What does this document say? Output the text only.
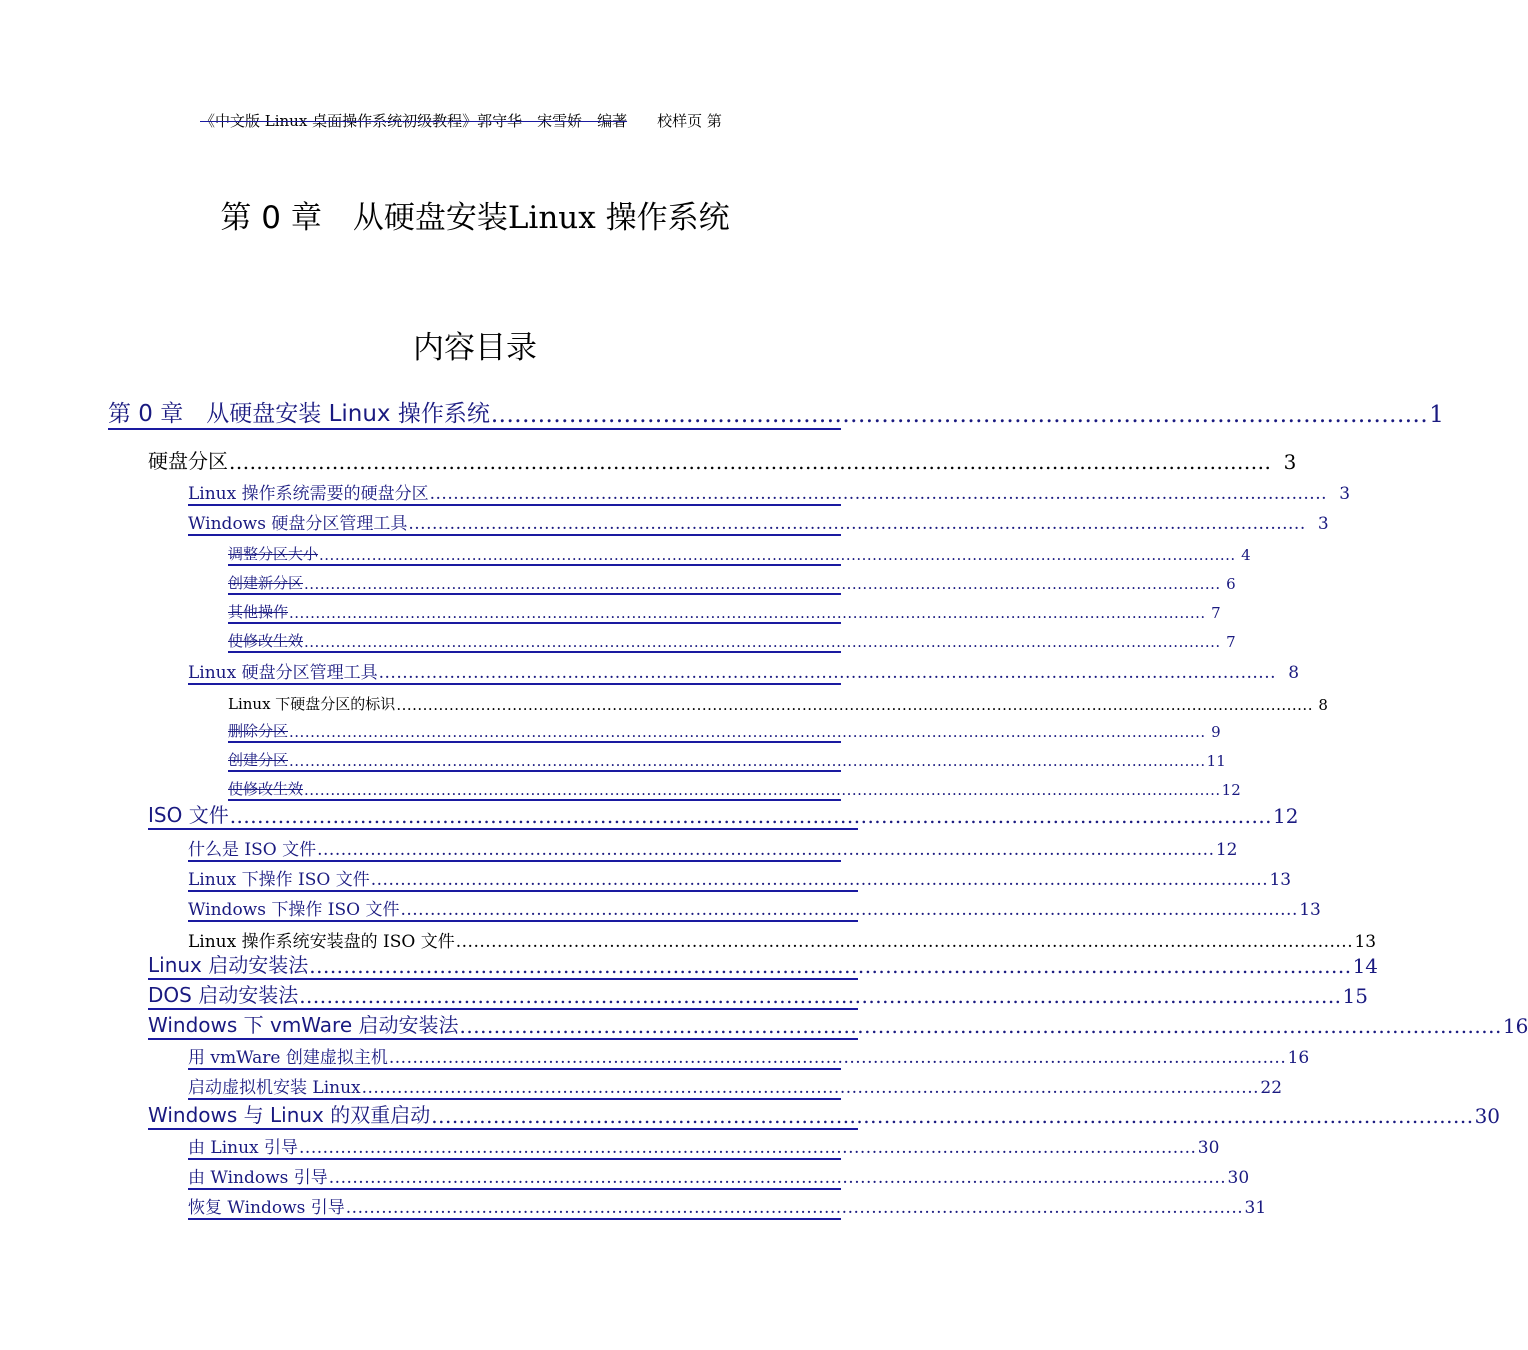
《中文版 Linux 桌面操作系统初级教程》郭守华　宋雪娇　编著 校样页 第
第 0 章　从硬盘安装Linux 操作系统
内容目录
第 0 章　从硬盘安装 Linux 操作系统 ........................................................................................................................ 1
硬盘分区 ........................................................................................................................................................ 3
Linux 操作系统需要的硬盘分区 ........................................................................................................................................................ 3
Windows 硬盘分区管理工具 ........................................................................................................................................................ 3
调整分区大小 .............................................................................................................................................................................. 4
创建新分区 .............................................................................................................................................................................. 6
其他操作 .............................................................................................................................................................................. 7
使修改生效 .............................................................................................................................................................................. 7
Linux 硬盘分区管理工具 ........................................................................................................................................................ 8
Linux 下硬盘分区的标识 .............................................................................................................................................................................. 8
删除分区 .............................................................................................................................................................................. 9
创建分区 .............................................................................................................................................................................. 11
使修改生效 .............................................................................................................................................................................. 12
ISO 文件 ........................................................................................................................................................ 12
什么是 ISO 文件 ........................................................................................................................................................ 12
Linux 下操作 ISO 文件 ........................................................................................................................................................ 13
Windows 下操作 ISO 文件 ........................................................................................................................................................ 13
Linux 操作系统安装盘的 ISO 文件 ........................................................................................................................................................ 13
Linux 启动安装法 ........................................................................................................................................................ 14
DOS 启动安装法 ........................................................................................................................................................ 15
Windows 下 vmWare 启动安装法 ........................................................................................................................................................ 16
用 vmWare 创建虚拟主机 ........................................................................................................................................................ 16
启动虚拟机安装 Linux ........................................................................................................................................................ 22
Windows 与 Linux 的双重启动 ........................................................................................................................................................ 30
由 Linux 引导 ........................................................................................................................................................ 30
由 Windows 引导 ........................................................................................................................................................ 30
恢复 Windows 引导 ........................................................................................................................................................ 31
